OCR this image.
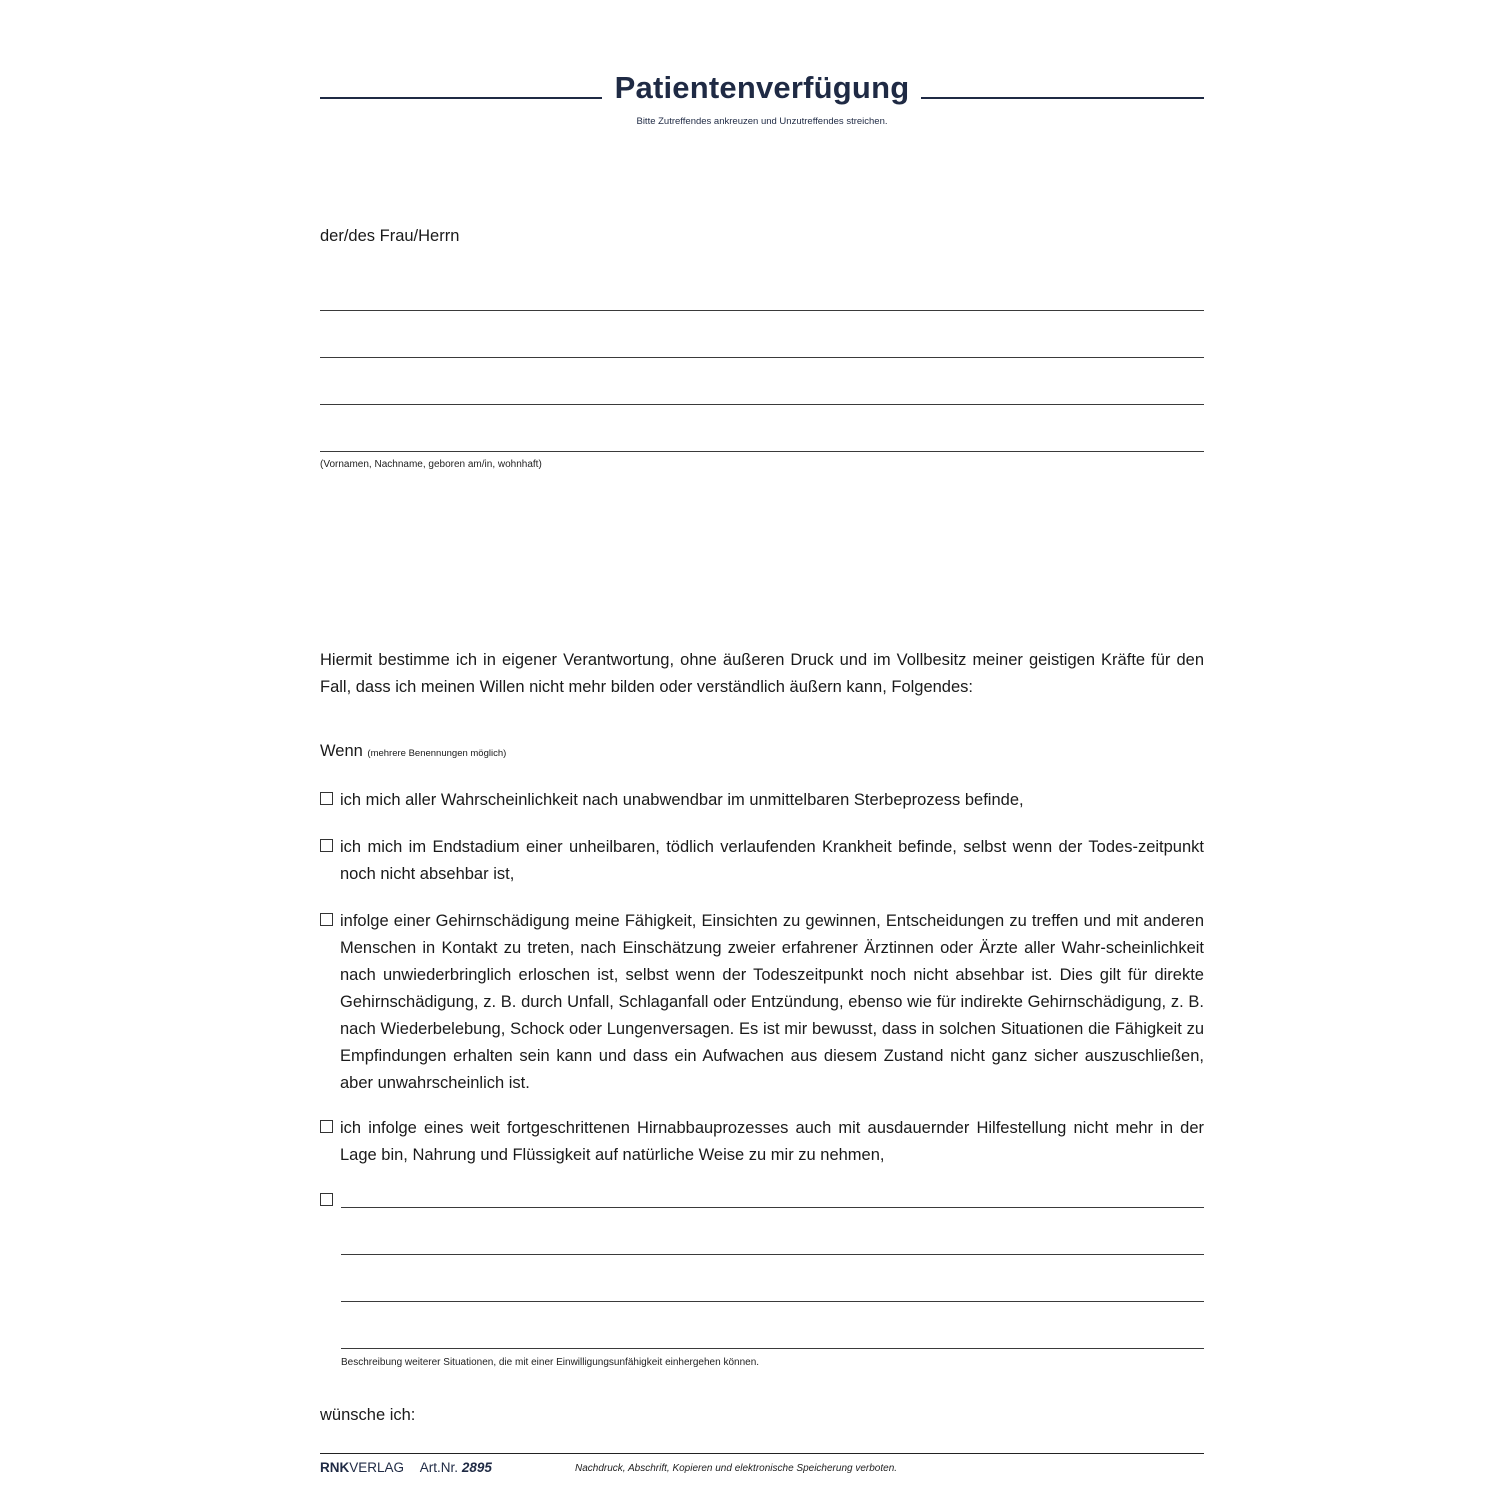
Patientenverfügung
Bitte Zutreffendes ankreuzen und Unzutreffendes streichen.
der/des Frau/Herrn
(Vornamen, Nachname, geboren am/in, wohnhaft)
Hiermit bestimme ich in eigener Verantwortung, ohne äußeren Druck und im Vollbesitz meiner geistigen Kräfte für den Fall, dass ich meinen Willen nicht mehr bilden oder verständlich äußern kann, Folgendes:
Wenn (mehrere Benennungen möglich)
ich mich aller Wahrscheinlichkeit nach unabwendbar im unmittelbaren Sterbeprozess befinde,
ich mich im Endstadium einer unheilbaren, tödlich verlaufenden Krankheit befinde, selbst wenn der Todes-zeitpunkt noch nicht absehbar ist,
infolge einer Gehirnschädigung meine Fähigkeit, Einsichten zu gewinnen, Entscheidungen zu treffen und mit anderen Menschen in Kontakt zu treten, nach Einschätzung zweier erfahrener Ärztinnen oder Ärzte aller Wahr-scheinlichkeit nach unwiederbringlich erloschen ist, selbst wenn der Todeszeitpunkt noch nicht absehbar ist. Dies gilt für direkte Gehirnschädigung, z. B. durch Unfall, Schlaganfall oder Entzündung, ebenso wie für indirekte Gehirnschädigung, z. B. nach Wiederbelebung, Schock oder Lungenversagen. Es ist mir bewusst, dass in solchen Situationen die Fähigkeit zu Empfindungen erhalten sein kann und dass ein Aufwachen aus diesem Zustand nicht ganz sicher auszuschließen, aber unwahrscheinlich ist.
ich infolge eines weit fortgeschrittenen Hirnabbauprozesses auch mit ausdauernder Hilfestellung nicht mehr in der Lage bin, Nahrung und Flüssigkeit auf natürliche Weise zu mir zu nehmen,
Beschreibung weiterer Situationen, die mit einer Einwilligungsunfähigkeit einhergehen können.
wünsche ich:
RNKVERLAG Art.Nr. 2895	Nachdruck, Abschrift, Kopieren und elektronische Speicherung verboten.
